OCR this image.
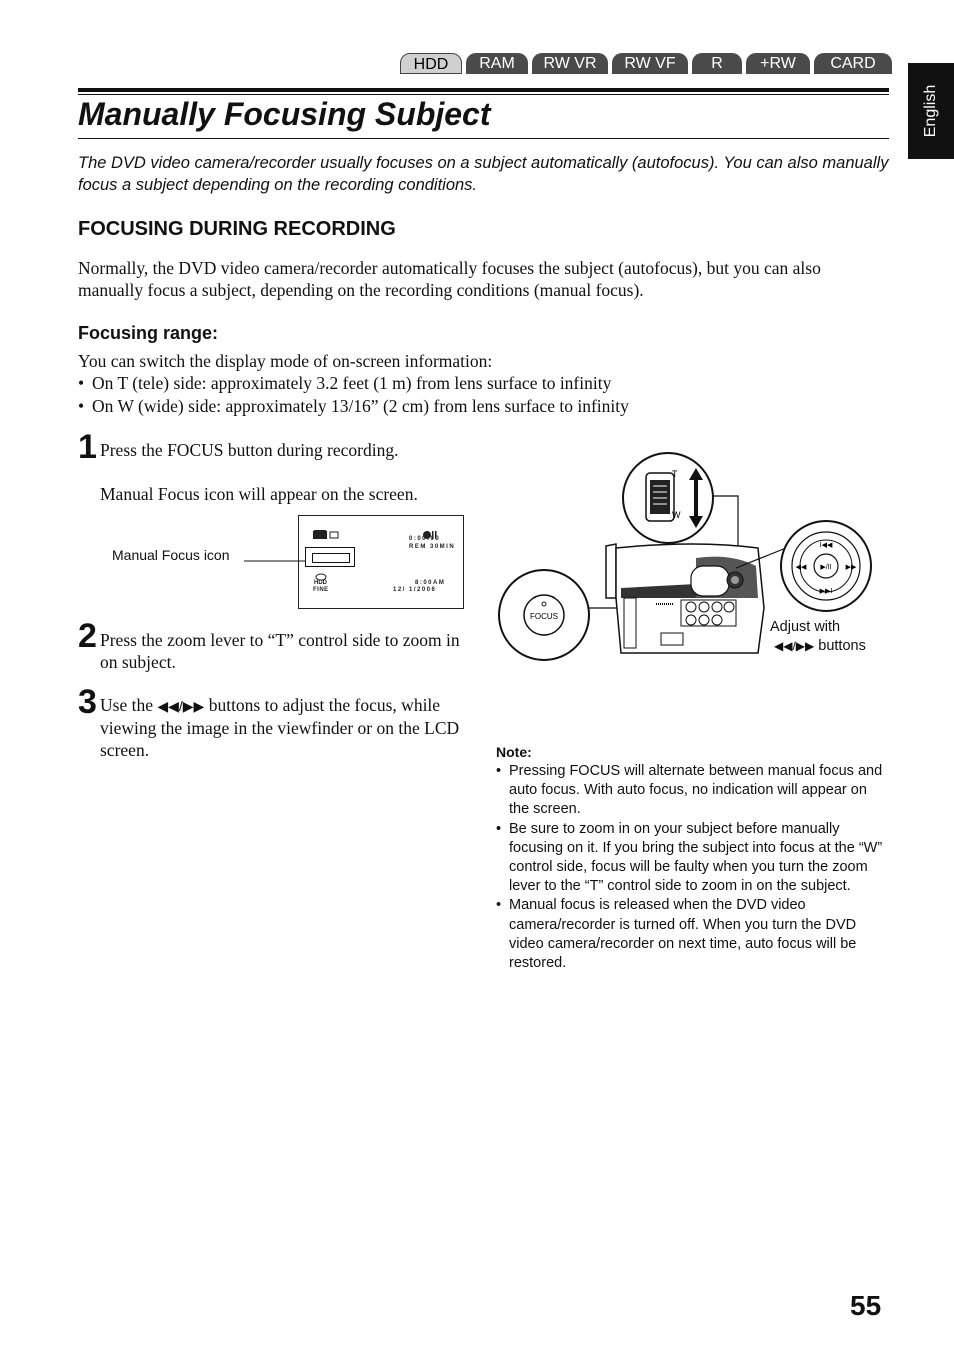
HDD	RAM	RW VR	RW VF	R	+RW	CARD
English
Manually Focusing Subject
The DVD video camera/recorder usually focuses on a subject automatically (autofocus). You can also manually focus a subject depending on the recording conditions.
FOCUSING DURING RECORDING
Normally, the DVD video camera/recorder automatically focuses the subject (autofocus), but you can also manually focus a subject, depending on the recording conditions (manual focus).
Focusing range:
You can switch the display mode of on-screen information:
• On T (tele) side: approximately 3.2 feet (1 m) from lens surface to infinity
• On W (wide) side: approximately 13/16” (2 cm) from lens surface to infinity
1 Press the FOCUS button during recording.
Manual Focus icon will appear on the screen.
Manual Focus icon
0:00:00
REM 30MIN
HDD
FINE
8:00AM
12/ 1/2006
2 Press the zoom lever to “T” control side to zoom in on subject.
3 Use the ◀◀/▶▶ buttons to adjust the focus, while viewing the image in the viewfinder or on the LCD screen.
T
W
FOCUS
▶/II
I◀◀
▶▶I
◀◀	▶▶
Adjust with
◀◀/▶▶ buttons
Note:
• Pressing FOCUS will alternate between manual focus and auto focus. With auto focus, no indication will appear on the screen.
• Be sure to zoom in on your subject before manually focusing on it. If you bring the subject into focus at the “W” control side, focus will be faulty when you turn the zoom lever to the “T” control side to zoom in on the subject.
• Manual focus is released when the DVD video camera/recorder is turned off. When you turn the DVD video camera/recorder on next time, auto focus will be restored.
55
